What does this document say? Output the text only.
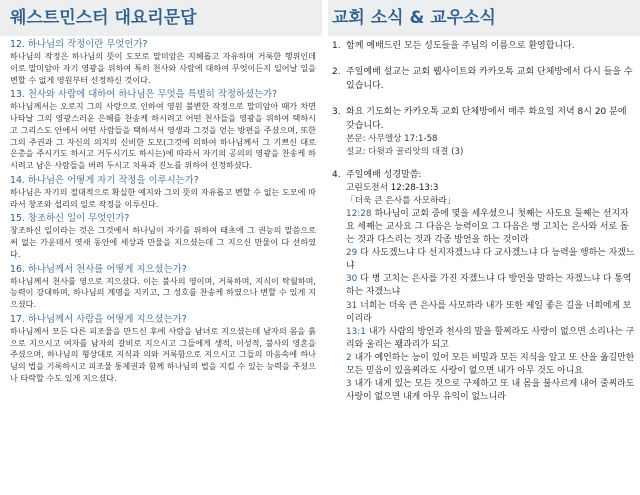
웨스트민스터 대요리문답
12. 하나님의 작정이란 무엇인가?
하나님의 작정은 하나님의 뜻이 도모로 말미암은 지혜롭고 자유하며 거룩한 행위인데 이로 말미암아 자기 영광을 위하여 특히 천사와 사람에 대하여 무엇이든지 일어날 일을 변할 수 없게 영원부터 선정하신 것이다.
13. 천사와 사람에 대하여 하나님은 무엇을 특별히 작정하셨는가?
하나님께서는 오로지 그의 사랑으로 인하여 영원 불변한 작정으로 말미암아 때가 차면 나타날 그의 영광스러운 은혜를 찬송케 하시려고 어떤 천사들을 영광을 위하여 택하시고 그리스도 안에서 어떤 사람들을 택하셔서 영생과 그것을 얻는 방편을 주셨으며, 또한 그의 주권과 그 자신의 의지의 신비한 도모(그것에 의하여 하나님께서 그 기쁘신 대로 은총을 주시기도 하시고 거두시기도 하시는)에 따라서 자기의 공의의 영광을 찬송케 하시려고 남은 사람들을 버려 두시고 치욕과 진노를 위하여 선정하셨다.
14. 하나님은 어떻게 자기 작정을 이루시는가?
하나님은 자기의 절대적으로 확실한 예지와 그의 뜻의 자유롭고 변할 수 없는 도모에 따라서 창조와 섭리의 일로 작정을 이루신다.
15. 창조하신 일이 무엇인가?
창조하신 일이라는 것은 그것에서 하나님이 자기를 위하여 태초에 그 권능의 말씀으로써 없는 가운데서 엿새 동안에 세상과 만물을 지으셨는데 그 지으신 만물이 다 선하였다.
16. 하나님께서 천사를 어떻게 지으셨는가?
하나님께서 천사를 영으로 지으셨다. 이는 불사의 영이며, 거룩하며, 지식이 탁월하며, 능력이 강대하며, 하나님의 계명을 지키고, 그 성호를 찬송케 하였으나 변할 수 있게 지으셨다.
17. 하나님께서 사람을 어떻게 지으셨는가?
하나님께서 모든 다른 피조물을 만드신 후에 사람을 남녀로 지으셨는데 남자의 몸을 흙으로 지으시고 여자를 남자의 갈비로 지으시고 그들에게 생적, 이성적, 불사의 영혼을 주셨으며, 하나님의 형상대로 지식과 의와 거룩함으로 지으시고 그들의 마음속에 하나님의 법을 기록하시고 피조물 통제권과 함께 하나님의 법을 지킬 수 있는 능력을 주셨으나 타락할 수도 있게 지으셨다.
교회 소식 & 교우소식
1. 함께 예배드린 모든 성도들을 주님의 이름으로 환영합니다.
2. 주일예배 설교는 교회 웹사이트와 카카오톡 교회 단체방에서 다시 들을 수 있습니다.
3. 화요 기도회는 카카오톡 교회 단체방에서 매주 화요일 저녁 8시 20 분에 갖습니다.
본문: 사무엘상 17:1-58
설교: 다윗과 골리앗의 대결 (3)
4. 주일예배 성경말씀:
고린도전서 12:28-13:3
「더욱 큰 은사를 사모하라」
12:28 하나님이 교회 중에 몇을 세우셨으니 첫째는 사도요 둘째는 선지자요 세째는 교사요 그 다음은 능력이요 그 다음은 병 고치는 은사와 서로 돕는 것과 다스리는 것과 각종 방언을 하는 것이라
29 다 사도겠느냐 다 선지자겠느냐 다 교사겠느냐 다 능력을 행하는 자겠느냐
30 다 병 고치는 은사를 가진 자겠느냐 다 방언을 말하는 자겠느냐 다 통역하는 자겠느냐
31 너희는 더욱 큰 은사를 사모하라 내가 또한 제일 좋은 길을 너희에게 보이리라
13:1 내가 사람의 방언과 천사의 말을 할찌라도 사랑이 없으면 소리나는 구리와 울리는 꽹과리가 되고
2 내가 예언하는 능이 있어 모든 비밀과 모든 지식을 알고 또 산을 옮길만한 모든 믿음이 있을찌라도 사랑이 없으면 내가 아무 것도 아니요
3 내가 내게 있는 모든 것으로 구제하고 또 내 몸을 불사르게 내어 줄찌라도 사랑이 없으면 내게 아무 유익이 없느니라
